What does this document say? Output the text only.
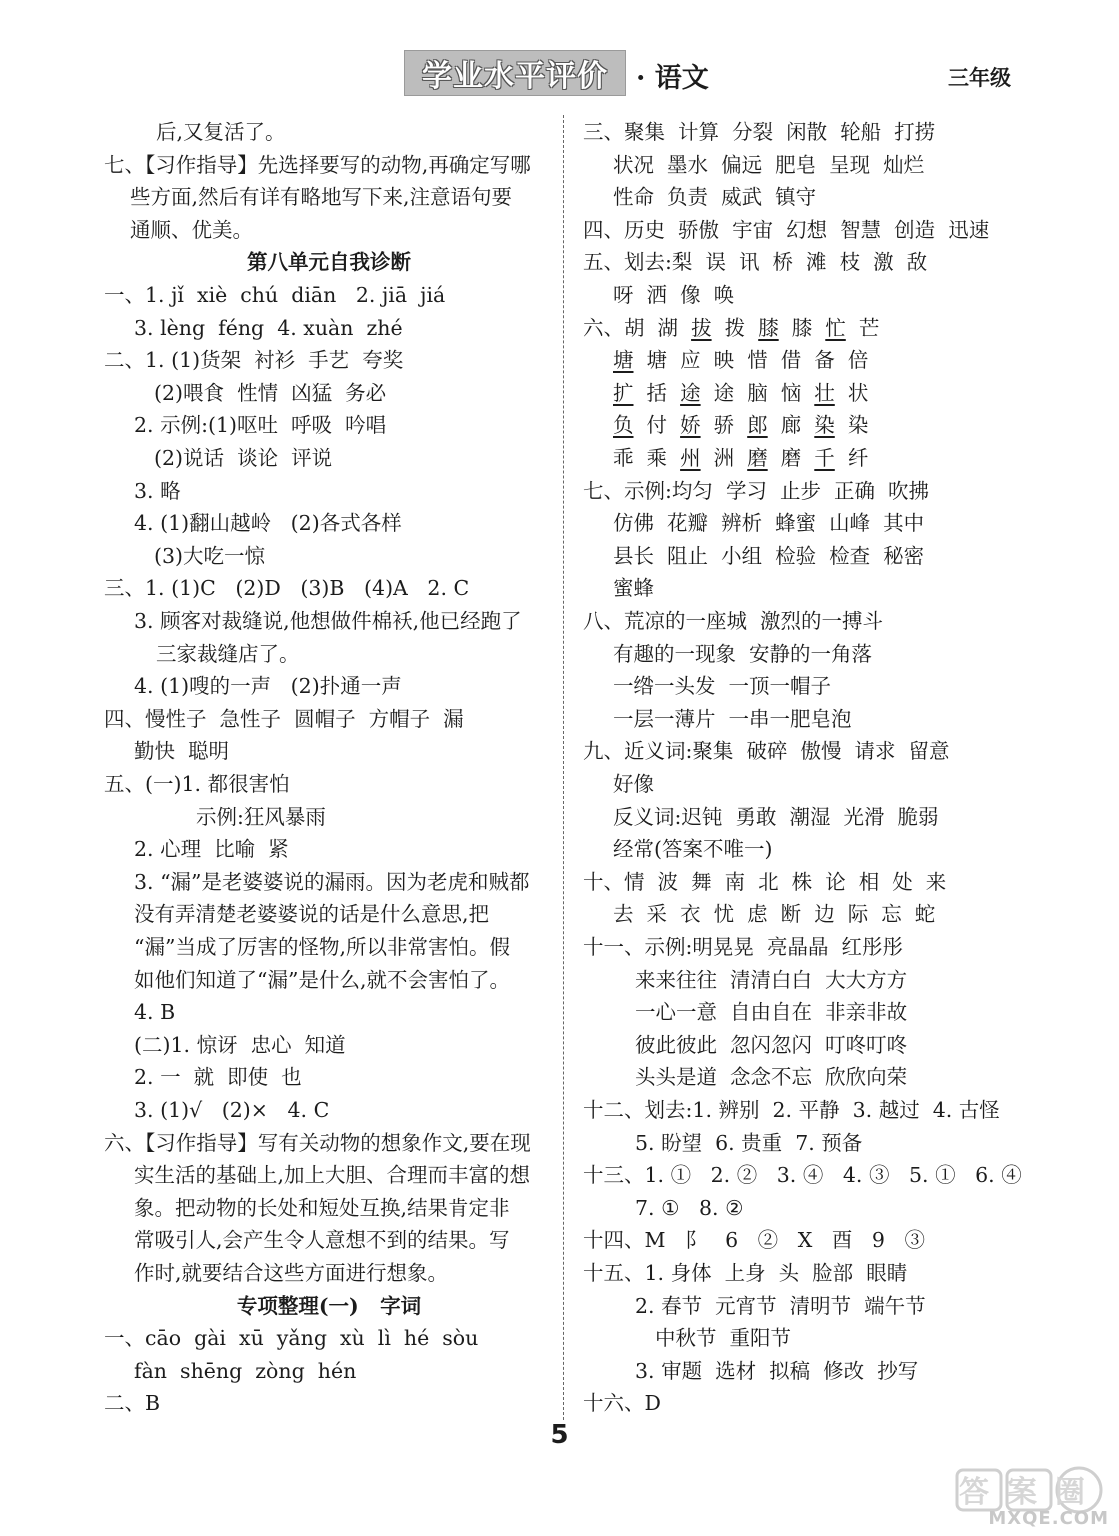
学业水平评价 · 语文	三年级
后,又复活了。
七、【习作指导】先选择要写的动物,再确定写哪
些方面,然后有详有略地写下来,注意语句要
通顺、优美。
第八单元自我诊断
一、1. jǐ  xiè  chú  diān   2. jiā  jiá
3. lèng  féng  4. xuàn  zhé
二、1. (1)货架  衬衫  手艺  夸奖
(2)喂食  性情  凶猛  务必
2. 示例:(1)呕吐  呼吸  吟唱
(2)说话  谈论  评说
3. 略
4. (1)翻山越岭   (2)各式各样
(3)大吃一惊
三、1. (1)C   (2)D   (3)B   (4)A   2. C
3. 顾客对裁缝说,他想做件棉袄,他已经跑了
三家裁缝店了。
4. (1)嗖的一声   (2)扑通一声
四、慢性子  急性子  圆帽子  方帽子  漏
勤快  聪明
五、(一)1. 都很害怕
示例:狂风暴雨
2. 心理  比喻  紧
3. “漏”是老婆婆说的漏雨。因为老虎和贼都
没有弄清楚老婆婆说的话是什么意思,把
“漏”当成了厉害的怪物,所以非常害怕。假
如他们知道了“漏”是什么,就不会害怕了。
4. B
(二)1. 惊讶  忠心  知道
2. 一  就  即使  也
3. (1)√   (2)×   4. C
六、【习作指导】写有关动物的想象作文,要在现
实生活的基础上,加上大胆、合理而丰富的想
象。把动物的长处和短处互换,结果肯定非
常吸引人,会产生令人意想不到的结果。写
作时,就要结合这些方面进行想象。
专项整理(一)   字词
一、cāo  gài  xū  yǎng  xù  lì  hé  sòu
fàn  shēng  zòng  hén
二、B
三、聚集  计算  分裂  闲散  轮船  打捞
状况  墨水  偏远  肥皂  呈现  灿烂
性命  负责  威武  镇守
四、历史  骄傲  宇宙  幻想  智慧  创造  迅速
五、划去:梨  误  讯  桥  滩  枝  激  敌
呀  洒  像  唤
六、胡 湖 拔 拨 膝 膝 忙 芒
塘 塘 应 映 惜 借 备 倍
扩 括 途 途 脑 恼 壮 状
负 付 娇 骄 郎 廊 染 染
乖 乘 州 洲 磨 磨 千 纤
七、示例:均匀  学习  止步  正确  吹拂
仿佛  花瓣  辨析  蜂蜜  山峰  其中
县长  阻止  小组  检验  检查  秘密
蜜蜂
八、荒凉的一座城  激烈的一搏斗
有趣的一现象  安静的一角落
一绺一头发  一顶一帽子
一层一薄片  一串一肥皂泡
九、近义词:聚集  破碎  傲慢  请求  留意
好像
反义词:迟钝  勇敢  潮湿  光滑  脆弱
经常(答案不唯一)
十、情  波  舞  南  北  株  论  相  处  来
去  采  衣  忧  虑  断  边  际  忘  蛇
十一、示例:明晃晃  亮晶晶  红彤彤
来来往往  清清白白  大大方方
一心一意  自由自在  非亲非故
彼此彼此  忽闪忽闪  叮咚叮咚
头头是道  念念不忘  欣欣向荣
十二、划去:1. 辨别  2. 平静  3. 越过  4. 古怪
5. 盼望  6. 贵重  7. 预备
十三、1. ①   2. ②   3. ④   4. ③   5. ①   6. ④
7. ①   8. ②
十四、M   阝   6   ②   X   酉   9   ③
十五、1. 身体  上身  头  脸部  眼睛
2. 春节  元宵节  清明节  端午节
中秋节  重阳节
3. 审题  选材  拟稿  修改  抄写
十六、D
5
答案圈
MXQE.COM
